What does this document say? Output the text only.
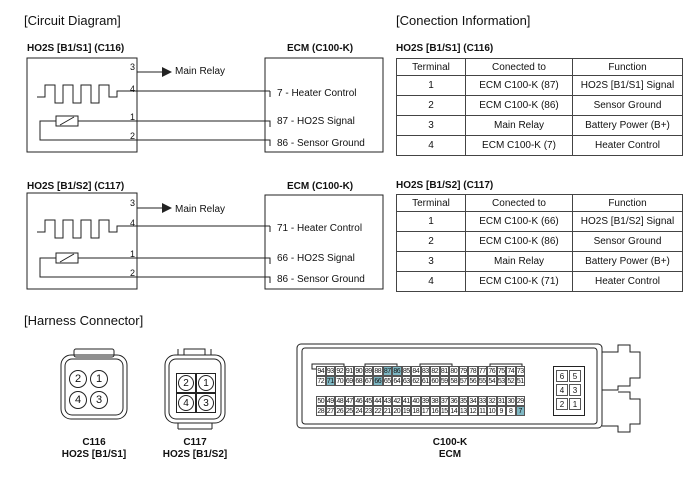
[Circuit Diagram]	[Conection Information]
[Harness Connector]
HO2S [B1/S1] (C116)	ECM (C100-K)
Main Relay
3
4
1
2
7 - Heater Control
87 - HO2S Signal
86 - Sensor Ground
HO2S [B1/S2] (C117)	ECM (C100-K)
Main Relay
3
4
1
2
71 - Heater Control
66 - HO2S Signal
86 - Sensor Ground
HO2S [B1/S1] (C116)
Terminal	Conected to	Function
1	ECM C100-K (87)	HO2S [B1/S1] Signal
2	ECM C100-K (86)	Sensor Ground
3	Main Relay	Battery Power (B+)
4	ECM C100-K (7)	Heater Control
HO2S [B1/S2] (C117)
Terminal	Conected to	Function
1	ECM C100-K (66)	HO2S [B1/S2] Signal
2	ECM C100-K (86)	Sensor Ground
3	Main Relay	Battery Power (B+)
4	ECM C100-K (71)	Heater Control
2	1
4	3
2	1
4	3
94 93 92 91 90 89 88 87 86 85 84 83 82 81 80 79 78 77 76 75 74 73
72 71 70 69 68 67 66 65 64 63 62 61 60 59 58 57 56 55 54 53 52 51
50 49 48 47 46 45 44 43 42 41 40 39 38 37 36 35 34 33 32 31 30 29
28 27 26 25 24 23 22 21 20 19 18 17 16 15 14 13 12 11 10 9 8 7
6	5
4	3
2	1
C116
HO2S [B1/S1]
C117
HO2S [B1/S2]
C100-K
ECM
